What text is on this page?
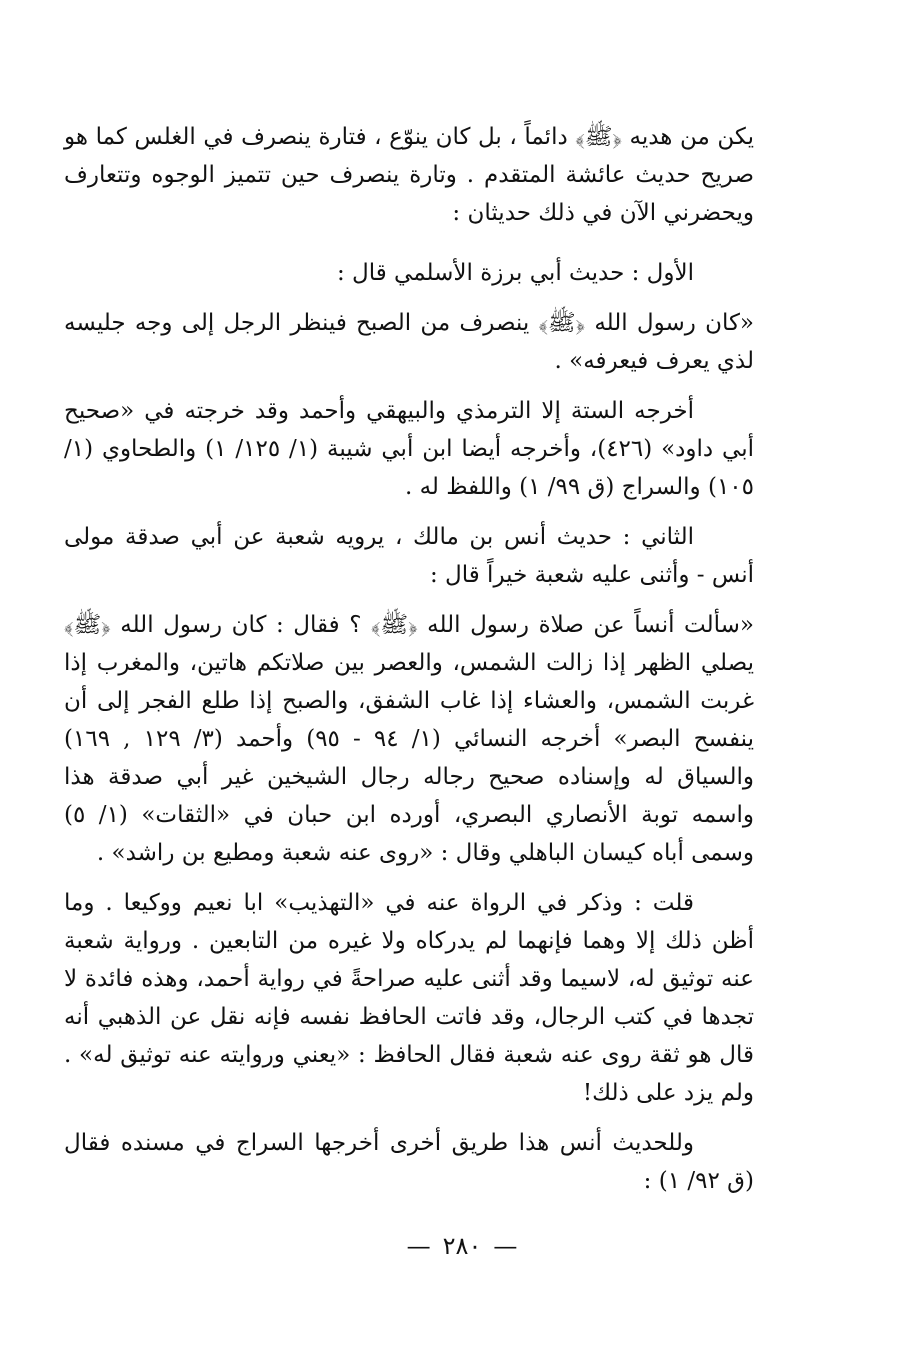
يكن من هديه ﴿ﷺ﴾ دائماً ، بل كان ينوّع ، فتارة ينصرف في الغلس كما هو صريح حديث عائشة المتقدم . وتارة ينصرف حين تتميز الوجوه وتتعارف ويحضرني الآن في ذلك حديثان :

الأول : حديث أبي برزة الأسلمي قال :

«كان رسول الله ﴿ﷺ﴾ ينصرف من الصبح فينظر الرجل إلى وجه جليسه لذي يعرف فيعرفه» .

أخرجه الستة إلا الترمذي والبيهقي وأحمد وقد خرجته في «صحيح أبي داود» (٤٢٦)، وأخرجه أيضا ابن أبي شيبة (١/ ١٢٥/ ١) والطحاوي (١/ ١٠٥) والسراج (ق ٩٩/ ١) واللفظ له .

الثاني : حديث أنس بن مالك ، يرويه شعبة عن أبي صدقة مولى أنس - وأثنى عليه شعبة خيراً قال :

«سألت أنساً عن صلاة رسول الله ﴿ﷺ﴾ ؟ فقال : كان رسول الله ﴿ﷺ﴾ يصلي الظهر إذا زالت الشمس، والعصر بين صلاتكم هاتين، والمغرب إذا غربت الشمس، والعشاء إذا غاب الشفق، والصبح إذا طلع الفجر إلى أن ينفسح البصر» أخرجه النسائي (١/ ٩٤ - ٩٥) وأحمد (٣/ ١٢٩ , ١٦٩) والسياق له وإسناده صحيح رجاله رجال الشيخين غير أبي صدقة هذا واسمه توبة الأنصاري البصري، أورده ابن حبان في «الثقات» (١/ ٥) وسمى أباه كيسان الباهلي وقال : «روى عنه شعبة ومطيع بن راشد» .

قلت : وذكر في الرواة عنه في «التهذيب» ابا نعيم ووكيعا . وما أظن ذلك إلا وهما فإنهما لم يدركاه ولا غيره من التابعين . ورواية شعبة عنه توثيق له، لاسيما وقد أثنى عليه صراحةً في رواية أحمد، وهذه فائدة لا تجدها في كتب الرجال، وقد فاتت الحافظ نفسه فإنه نقل عن الذهبي أنه قال هو ثقة روى عنه شعبة فقال الحافظ : «يعني وروايته عنه توثيق له» . ولم يزد على ذلك!

وللحديث أنس هذا طريق أخرى أخرجها السراج في مسنده فقال (ق ٩٢/ ١) :

—٢٨٠—
